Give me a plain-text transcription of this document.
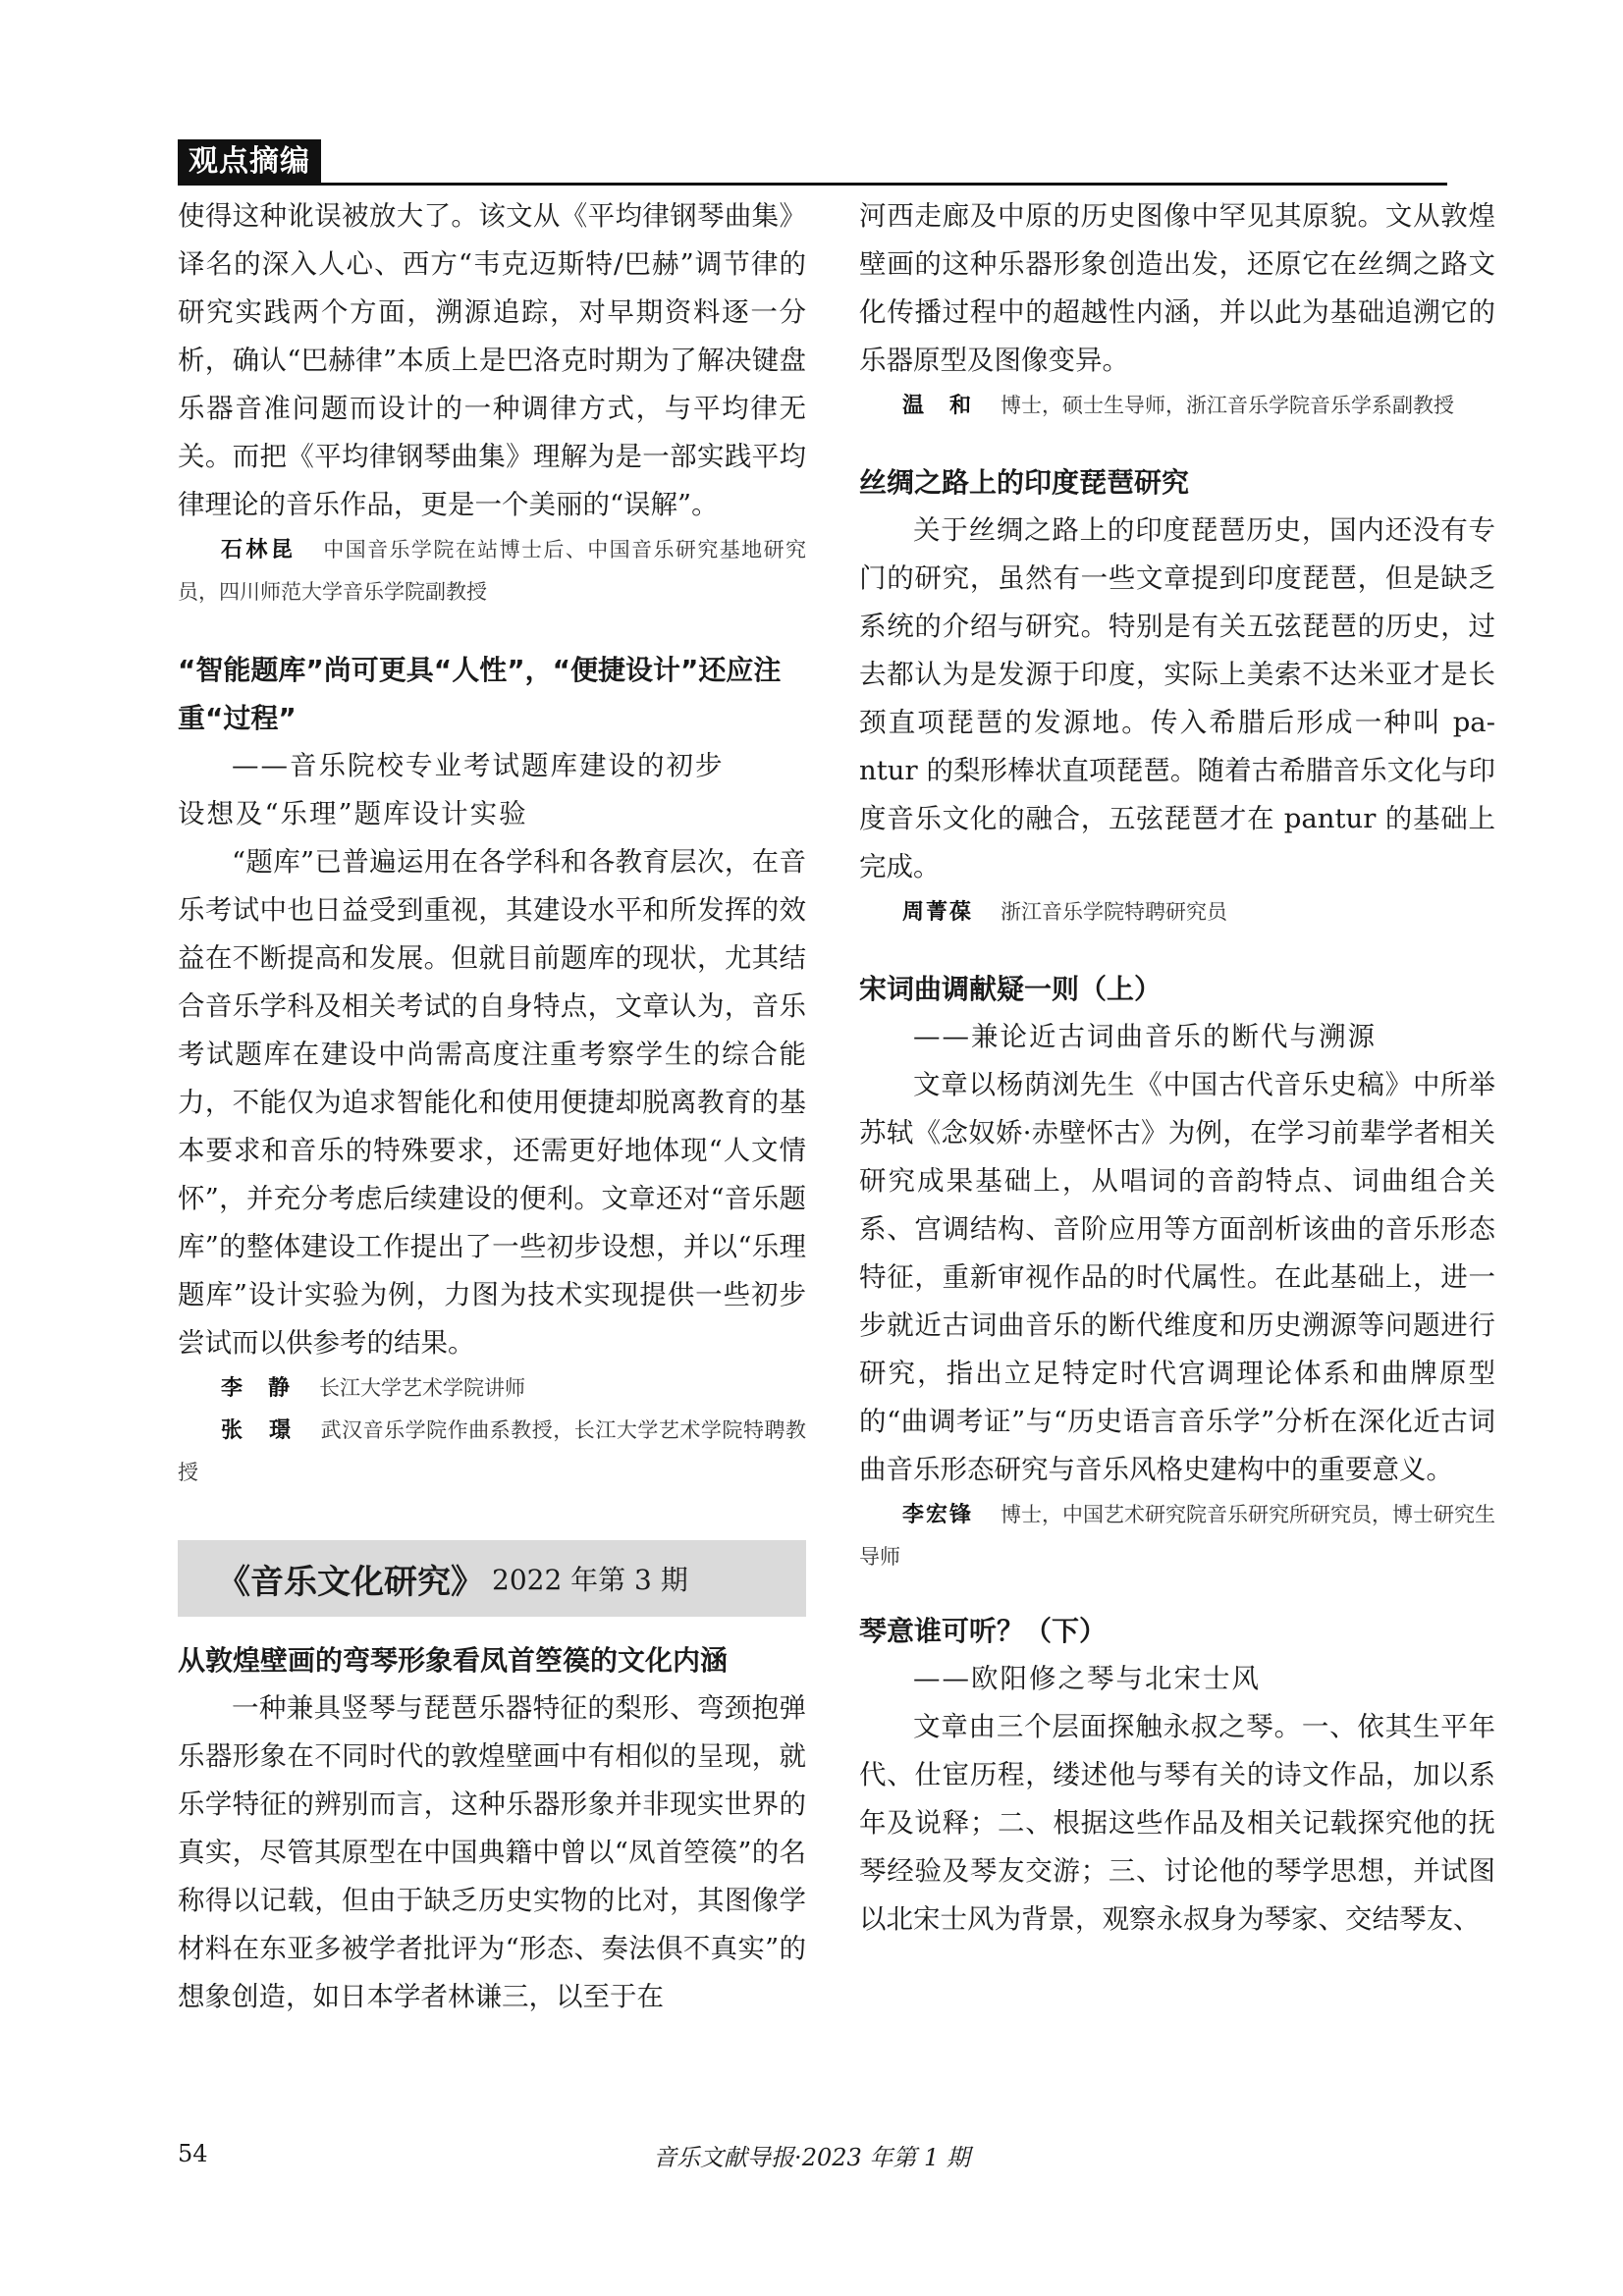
观点摘编

使得这种讹误被放大了。该文从《平均律钢琴曲集》译名的深入人心、西方“韦克迈斯特/巴赫”调节律的研究实践两个方面，溯源追踪，对早期资料逐一分析，确认“巴赫律”本质上是巴洛克时期为了解决键盘乐器音准问题而设计的一种调律方式，与平均律无关。而把《平均律钢琴曲集》理解为是一部实践平均律理论的音乐作品，更是一个美丽的“误解”。

石林昆 中国音乐学院在站博士后、中国音乐研究基地研究员，四川师范大学音乐学院副教授

“智能题库”尚可更具“人性”，“便捷设计”还应注重“过程”

——音乐院校专业考试题库建设的初步

设想及“乐理”题库设计实验

“题库”已普遍运用在各学科和各教育层次，在音乐考试中也日益受到重视，其建设水平和所发挥的效益在不断提高和发展。但就目前题库的现状，尤其结合音乐学科及相关考试的自身特点，文章认为，音乐考试题库在建设中尚需高度注重考察学生的综合能力，不能仅为追求智能化和使用便捷却脱离教育的基本要求和音乐的特殊要求，还需更好地体现“人文情怀”，并充分考虑后续建设的便利。文章还对“音乐题库”的整体建设工作提出了一些初步设想，并以“乐理题库”设计实验为例，力图为技术实现提供一些初步尝试而以供参考的结果。

李　静 长江大学艺术学院讲师

张　璟 武汉音乐学院作曲系教授，长江大学艺术学院特聘教授

《音乐文化研究》 2022 年第 3 期
从敦煌壁画的弯琴形象看凤首箜篌的文化内涵

一种兼具竖琴与琵琶乐器特征的梨形、弯颈抱弹乐器形象在不同时代的敦煌壁画中有相似的呈现，就乐学特征的辨别而言，这种乐器形象并非现实世界的真实，尽管其原型在中国典籍中曾以“凤首箜篌”的名称得以记载，但由于缺乏历史实物的比对，其图像学材料在东亚多被学者批评为“形态、奏法俱不真实”的想象创造，如日本学者林谦三，以至于在

河西走廊及中原的历史图像中罕见其原貌。文从敦煌壁画的这种乐器形象创造出发，还原它在丝绸之路文化传播过程中的超越性内涵，并以此为基础追溯它的乐器原型及图像变异。

温　和 博士，硕士生导师，浙江音乐学院音乐学系副教授

丝绸之路上的印度琵琶研究

关于丝绸之路上的印度琵琶历史，国内还没有专门的研究，虽然有一些文章提到印度琵琶，但是缺乏系统的介绍与研究。特别是有关五弦琵琶的历史，过去都认为是发源于印度，实际上美索不达米亚才是长颈直项琵琶的发源地。传入希腊后形成一种叫 pa-ntur 的梨形棒状直项琵琶。随着古希腊音乐文化与印度音乐文化的融合，五弦琵琶才在 pantur 的基础上完成。

周菁葆 浙江音乐学院特聘研究员

宋词曲调献疑一则（上）

——兼论近古词曲音乐的断代与溯源

文章以杨荫浏先生《中国古代音乐史稿》中所举苏轼《念奴娇·赤壁怀古》为例，在学习前辈学者相关研究成果基础上，从唱词的音韵特点、词曲组合关系、宫调结构、音阶应用等方面剖析该曲的音乐形态特征，重新审视作品的时代属性。在此基础上，进一步就近古词曲音乐的断代维度和历史溯源等问题进行研究，指出立足特定时代宫调理论体系和曲牌原型的“曲调考证”与“历史语言音乐学”分析在深化近古词曲音乐形态研究与音乐风格史建构中的重要意义。

李宏锋 博士，中国艺术研究院音乐研究所研究员，博士研究生导师

琴意谁可听？（下）

——欧阳修之琴与北宋士风

文章由三个层面探触永叔之琴。一、依其生平年代、仕宦历程，缕述他与琴有关的诗文作品，加以系年及说释；二、根据这些作品及相关记载探究他的抚琴经验及琴友交游；三、讨论他的琴学思想，并试图以北宋士风为背景，观察永叔身为琴家、交结琴友、

54	音乐文献导报·2023 年第 1 期
